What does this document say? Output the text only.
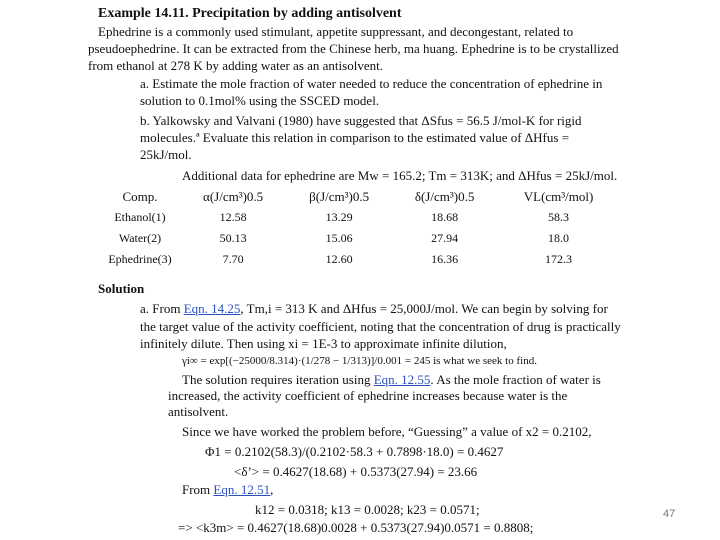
Example 14.11. Precipitation by adding antisolvent
Ephedrine is a commonly used stimulant, appetite suppressant, and decongestant, related to
pseudoephedrine. It can be extracted from the Chinese herb, ma huang. Ephedrine is to be crystallized
from ethanol at 278 K by adding water as an antisolvent.
a. Estimate the mole fraction of water needed to reduce the concentration of ephedrine in
solution to 0.1mol% using the SSCED model.
b. Yalkowsky and Valvani (1980) have suggested that ΔSfus = 56.5 J/mol-K for rigid
molecules.ª Evaluate this relation in comparison to the estimated value of ΔHfus =
25kJ/mol.
Additional data for ephedrine are Mw = 165.2; Tm = 313K; and ΔHfus = 25kJ/mol.
Comp.	α(J/cm³)0.5	β(J/cm³)0.5	δ(J/cm³)0.5	VL(cm³/mol)
Ethanol(1)	12.58	13.29	18.68	58.3
Water(2)	50.13	15.06	27.94	18.0
Ephedrine(3)	7.70	12.60	16.36	172.3
Solution
a. From Eqn. 14.25, Tm,i = 313 K and ΔHfus = 25,000J/mol. We can begin by solving for
the target value of the activity coefficient, noting that the concentration of drug is practically
infinitely dilute. Then using xi = 1E-3 to approximate infinite dilution,
γi∞ = exp[(−25000/8.314)·(1/278 − 1/313)]/0.001 = 245 is what we seek to find.
The solution requires iteration using Eqn. 12.55. As the mole fraction of water is
increased, the activity coefficient of ephedrine increases because water is the
antisolvent.
Since we have worked the problem before, “Guessing” a value of x2 = 0.2102,
Φ1 = 0.2102(58.3)/(0.2102·58.3 + 0.7898·18.0) = 0.4627
<δ’> = 0.4627(18.68) + 0.5373(27.94) = 23.66
From Eqn. 12.51,
k12 = 0.0318; k13 = 0.0028; k23 = 0.0571;
=> <k3m> = 0.4627(18.68)0.0028 + 0.5373(27.94)0.0571 = 0.8808;
47
